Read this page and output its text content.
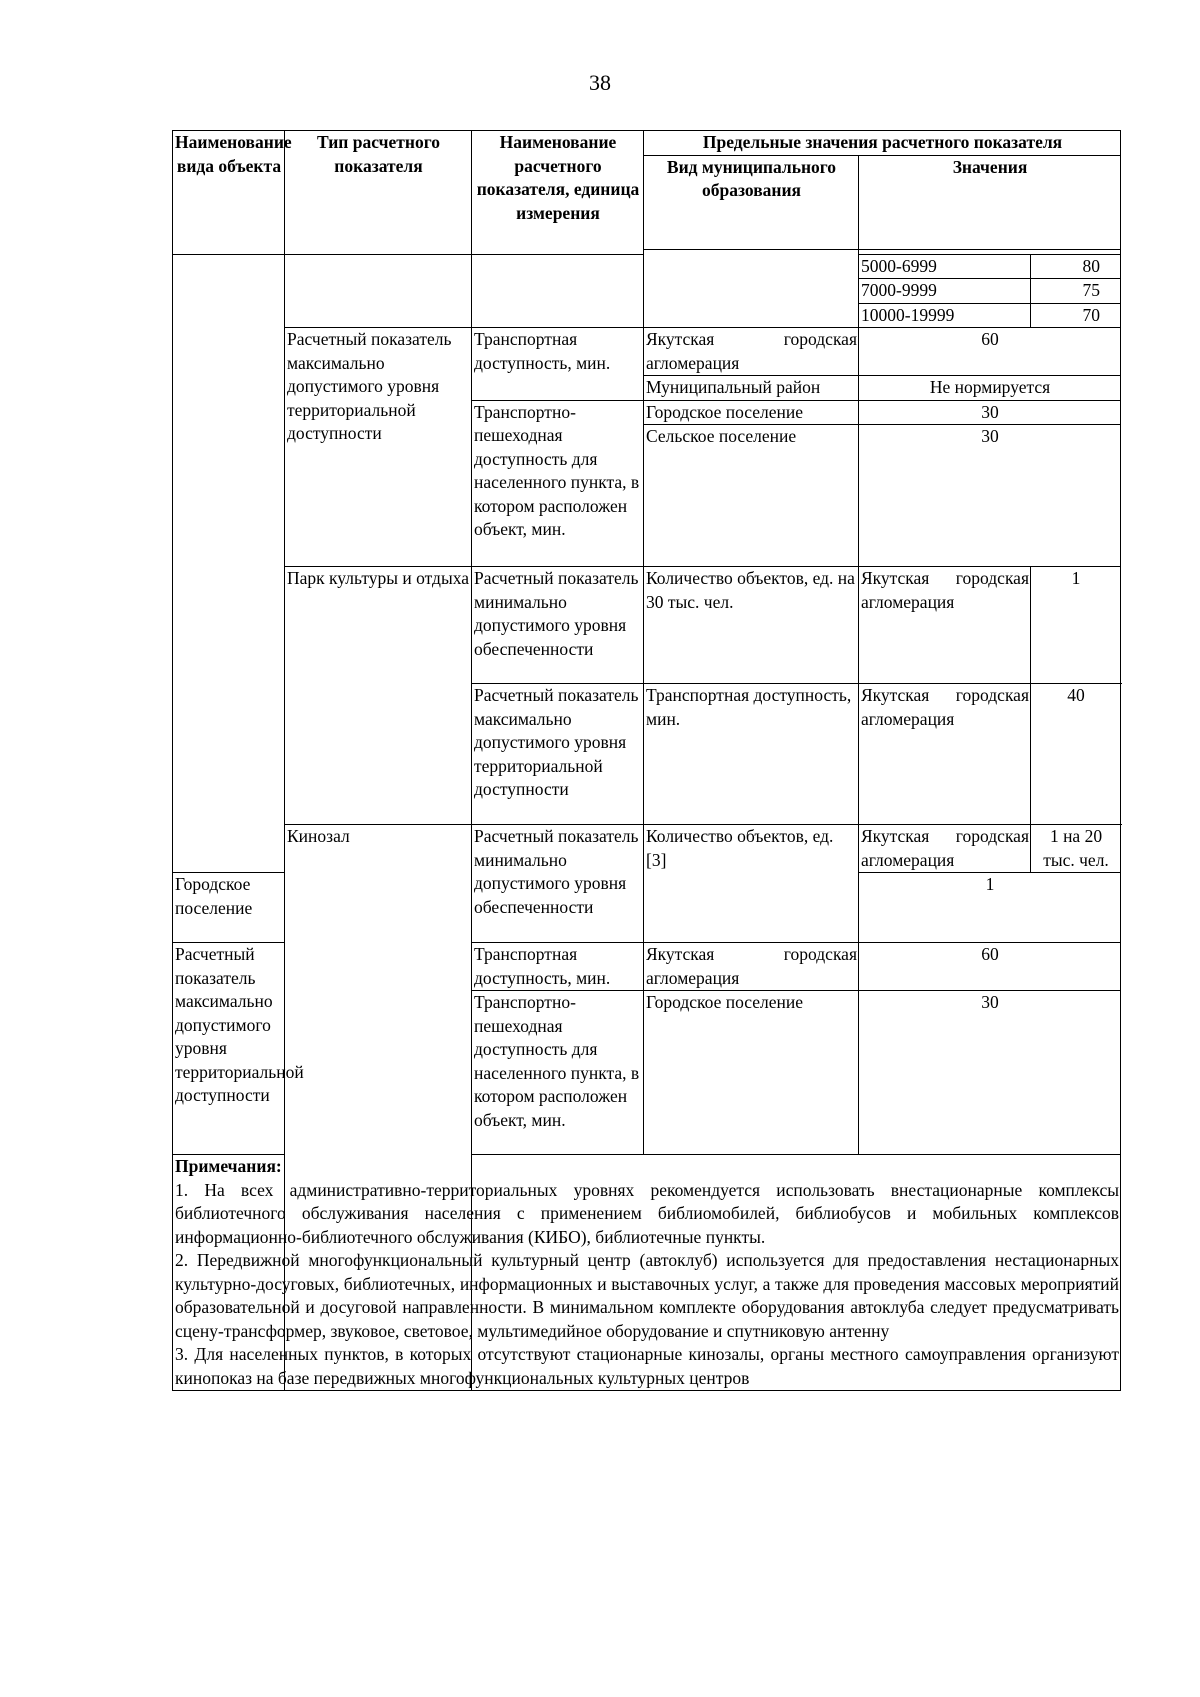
38
Наименование вида объекта	Тип расчетного показателя	Наименование расчетного показателя, единица измерения	Предельные значения расчетного показателя		
			Вид муниципального образования	Значения	

				5000-6999	80
				7000-9999	75
				10000-19999	70
	Расчетный показатель максимально допустимого уровня территориальной доступности	Транспортная доступность, мин.	Якутская городская агломерация	60	
			Муниципальный район	Не нормируется	
		Транспортно-пешеходная доступность для населенного пункта, в котором расположен объект, мин.	Городское поселение	30	
			Сельское поселение	30	
	Парк культуры и отдыха	Расчетный показатель минимально допустимого уровня обеспеченности	Количество объектов, ед. на 30 тыс. чел.	Якутская городская агломерация	1
		Расчетный показатель максимально допустимого уровня территориальной доступности	Транспортная доступность, мин.	Якутская городская агломерация	40
	Кинозал	Расчетный показатель минимально допустимого уровня обеспеченности	Количество объектов, ед. [3]	Якутская городская агломерация	1 на 20 тыс. чел.
Городское поселение				1	
Расчетный показатель максимально допустимого уровня территориальной доступности		Транспортная доступность, мин.	Якутская городская агломерация	60	
		Транспортно-пешеходная доступность для населенного пункта, в котором расположен объект, мин.	Городское поселение	30	

Примечания:

1. На всех административно-территориальных уровнях рекомендуется использовать внестационарные комплексы библиотечного обслуживания населения с применением библиомобилей, библиобусов и мобильных комплексов информационно-библиотечного обслуживания (КИБО), библиотечные пункты.

2. Передвижной многофункциональный культурный центр (автоклуб) используется для предоставления нестационарных культурно-досуговых, библиотечных, информационных и выставочных услуг, а также для проведения массовых мероприятий образовательной и досуговой направленности. В минимальном комплекте оборудования автоклуба следует предусматривать сцену-трансформер, звуковое, световое, мультимедийное оборудование и спутниковую антенну

3. Для населенных пунктов, в которых отсутствуют стационарные кинозалы, органы местного самоуправления организуют кинопоказ на базе передвижных многофункциональных культурных центров					
